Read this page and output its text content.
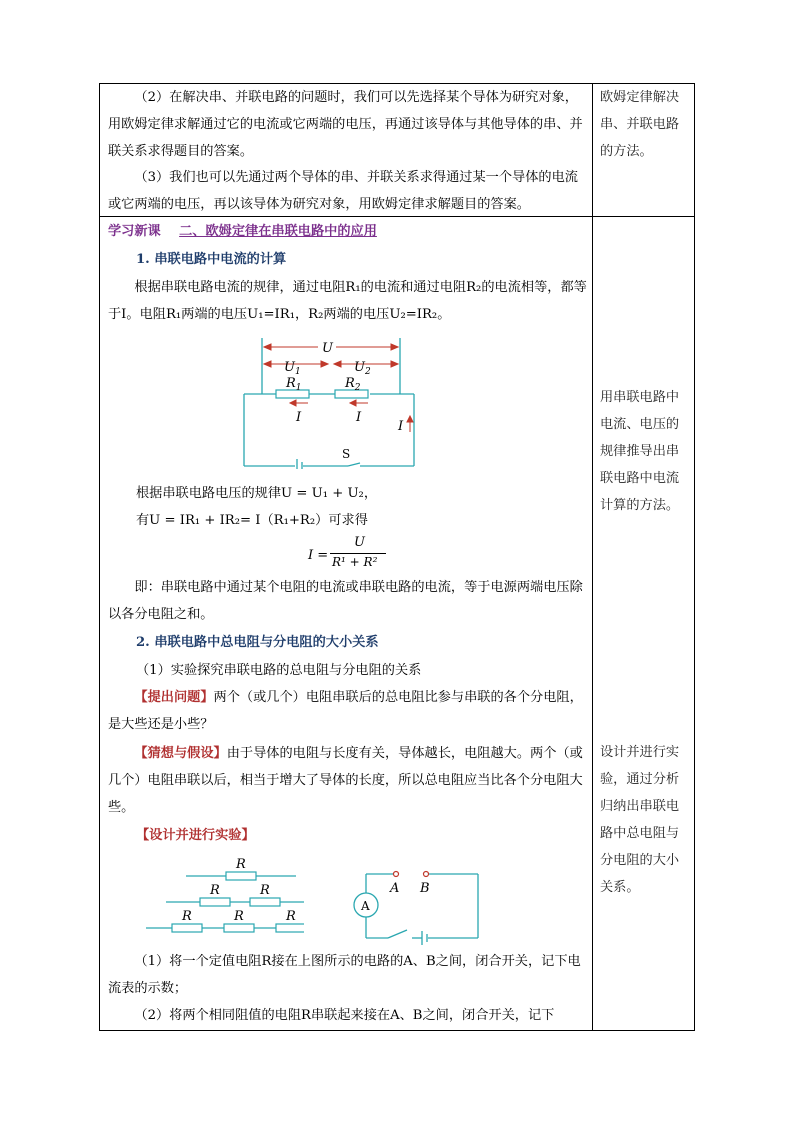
（2）在解决串、并联电路的问题时，我们可以先选择某个导体为研究对象，用欧姆定律求解通过它的电流或它两端的电压，再通过该导体与其他导体的串、并联关系求得题目的答案。
（3）我们也可以先通过两个导体的串、并联关系求得通过某一个导体的电流或它两端的电压，再以该导体为研究对象，用欧姆定律求解题目的答案。
欧姆定律解决串、并联电路的方法。
学习新课 二、欧姆定律在串联电路中的应用
1. 串联电路中电流的计算
根据串联电路电流的规律，通过电阻R₁的电流和通过电阻R₂的电流相等，都等于I。电阻R₁两端的电压U₁=IR₁，R₂两端的电压U₂=IR₂。
U
$U_1$	$U_2$
$R_1$	$R_2$
I	I
I
S
根据串联电路电压的规律U = U₁ + U₂，
有U = IR₁ + IR₂= I（R₁+R₂）可求得
I =
U
R¹ + R²
即：串联电路中通过某个电阻的电流或串联电路的电流，等于电源两端电压除以各分电阻之和。
2. 串联电路中总电阻与分电阻的大小关系
（1）实验探究串联电路的总电阻与分电阻的关系
【提出问题】两个（或几个）电阻串联后的总电阻比参与串联的各个分电阻，是大些还是小些？
【猜想与假设】由于导体的电阻与长度有关，导体越长，电阻越大。两个（或几个）电阻串联以后，相当于增大了导体的长度，所以总电阻应当比各个分电阻大些。
【设计并进行实验】
R
R	R
R	R	R
A B
A
（1）将一个定值电阻R接在上图所示的电路的A、B之间，闭合开关，记下电流表的示数；
（2）将两个相同阻值的电阻R串联起来接在A、B之间，闭合开关，记下
用串联电路中电流、电压的规律推导出串联电路中电流计算的方法。
设计并进行实验，通过分析归纳出串联电路中总电阻与分电阻的大小关系。
